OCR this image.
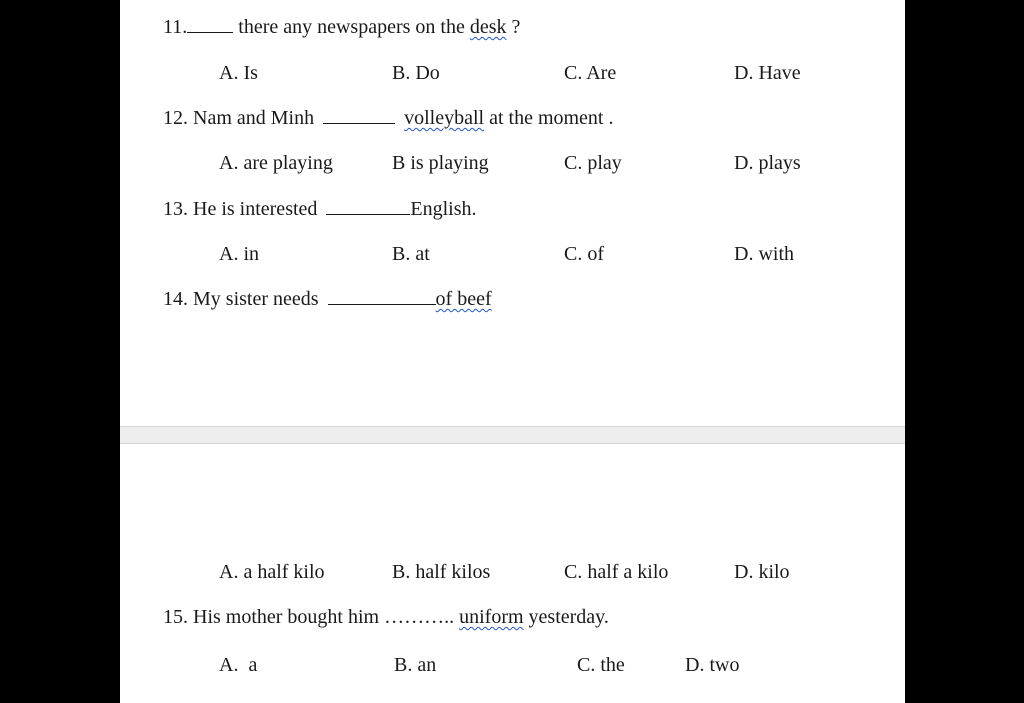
11.	there any newspapers on the desk ?
A. Is	B. Do	C. Are	D. Have
12. Nam and Minh	volleyball at the moment .
A. are playing	B is playing	C. play	D. plays
13. He is interested	English.
A. in	B. at	C. of	D. with
14. My sister needs	of beef
A. a half kilo	B. half kilos	C. half a kilo	D. kilo
15. His mother bought him ……….. uniform yesterday.
A.  a	B. an	C. the	D. two
